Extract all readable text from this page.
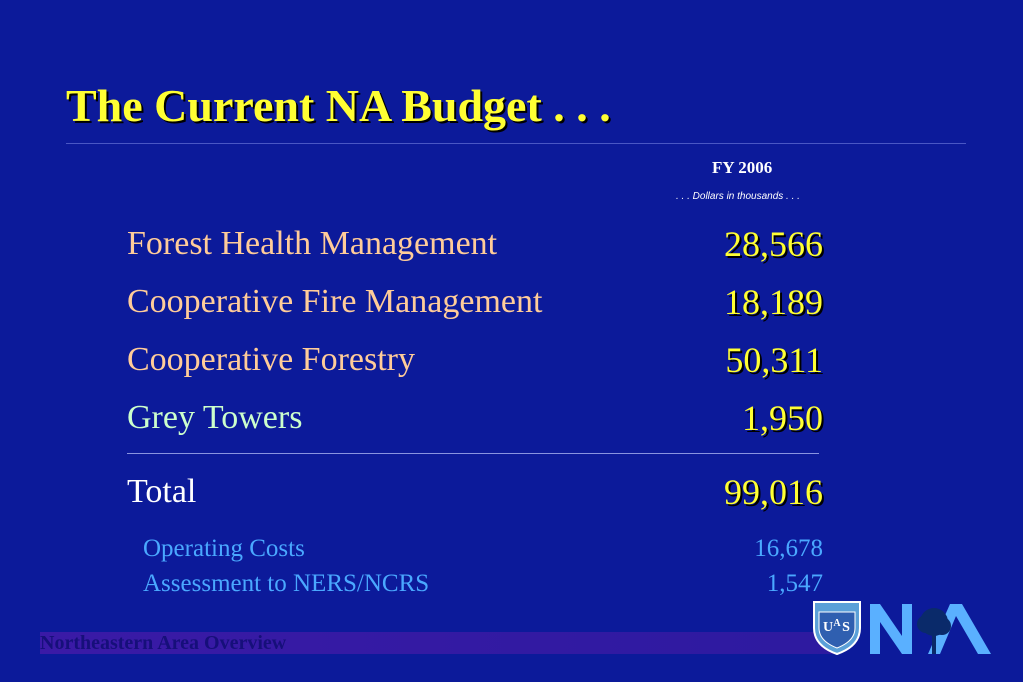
The Current NA Budget . . .
FY 2006
. . . Dollars in thousands . . .
Forest Health Management	28,566
Cooperative Fire Management	18,189
Cooperative Forestry	50,311
Grey Towers	1,950
Total	99,016
Operating Costs	16,678
Assessment to NERS/NCRS	1,547
Northeastern Area Overview
U S
A
